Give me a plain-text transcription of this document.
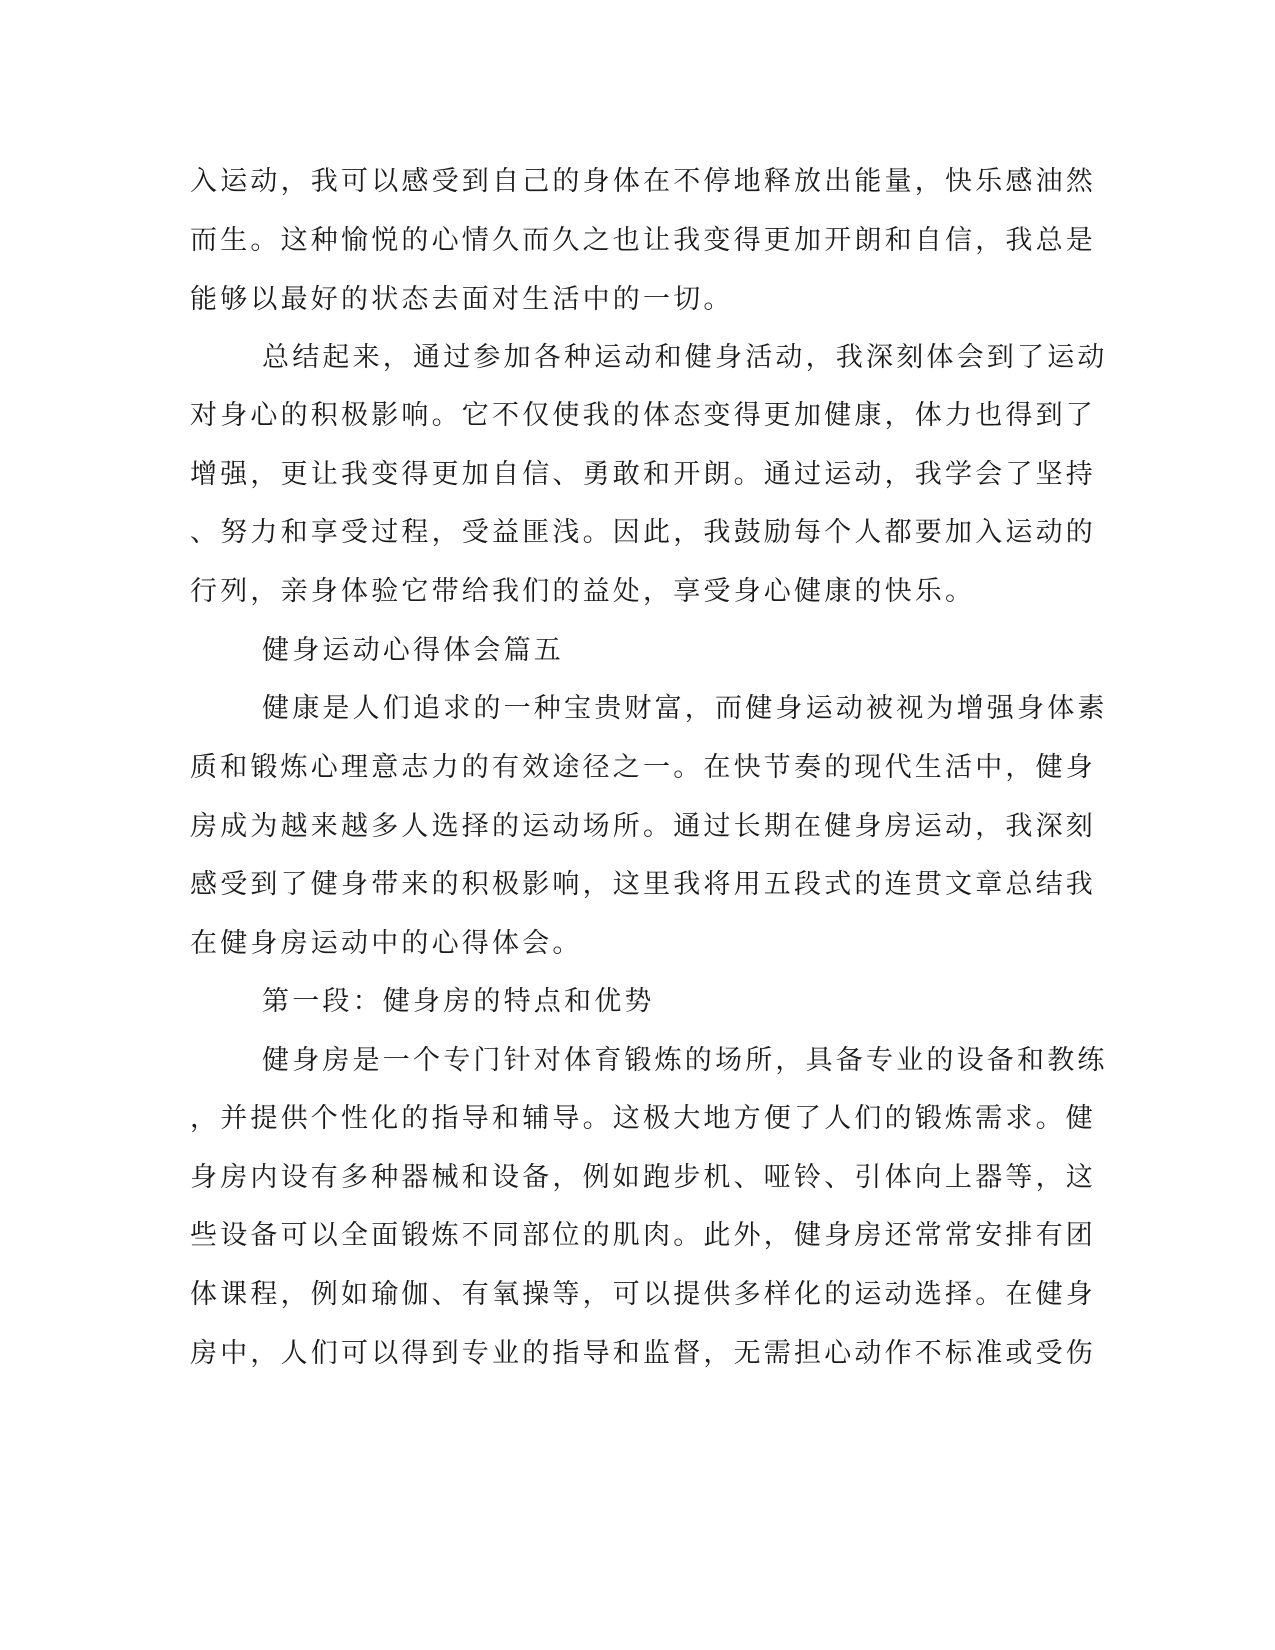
入运动，我可以感受到自己的身体在不停地释放出能量，快乐感油然
而生。这种愉悦的心情久而久之也让我变得更加开朗和自信，我总是
能够以最好的状态去面对生活中的一切。
总结起来，通过参加各种运动和健身活动，我深刻体会到了运动
对身心的积极影响。它不仅使我的体态变得更加健康，体力也得到了
增强，更让我变得更加自信、勇敢和开朗。通过运动，我学会了坚持
、努力和享受过程，受益匪浅。因此，我鼓励每个人都要加入运动的
行列，亲身体验它带给我们的益处，享受身心健康的快乐。
健身运动心得体会篇五
健康是人们追求的一种宝贵财富，而健身运动被视为增强身体素
质和锻炼心理意志力的有效途径之一。在快节奏的现代生活中，健身
房成为越来越多人选择的运动场所。通过长期在健身房运动，我深刻
感受到了健身带来的积极影响，这里我将用五段式的连贯文章总结我
在健身房运动中的心得体会。
第一段：健身房的特点和优势
健身房是一个专门针对体育锻炼的场所，具备专业的设备和教练
，并提供个性化的指导和辅导。这极大地方便了人们的锻炼需求。健
身房内设有多种器械和设备，例如跑步机、哑铃、引体向上器等，这
些设备可以全面锻炼不同部位的肌肉。此外，健身房还常常安排有团
体课程，例如瑜伽、有氧操等，可以提供多样化的运动选择。在健身
房中，人们可以得到专业的指导和监督，无需担心动作不标准或受伤
